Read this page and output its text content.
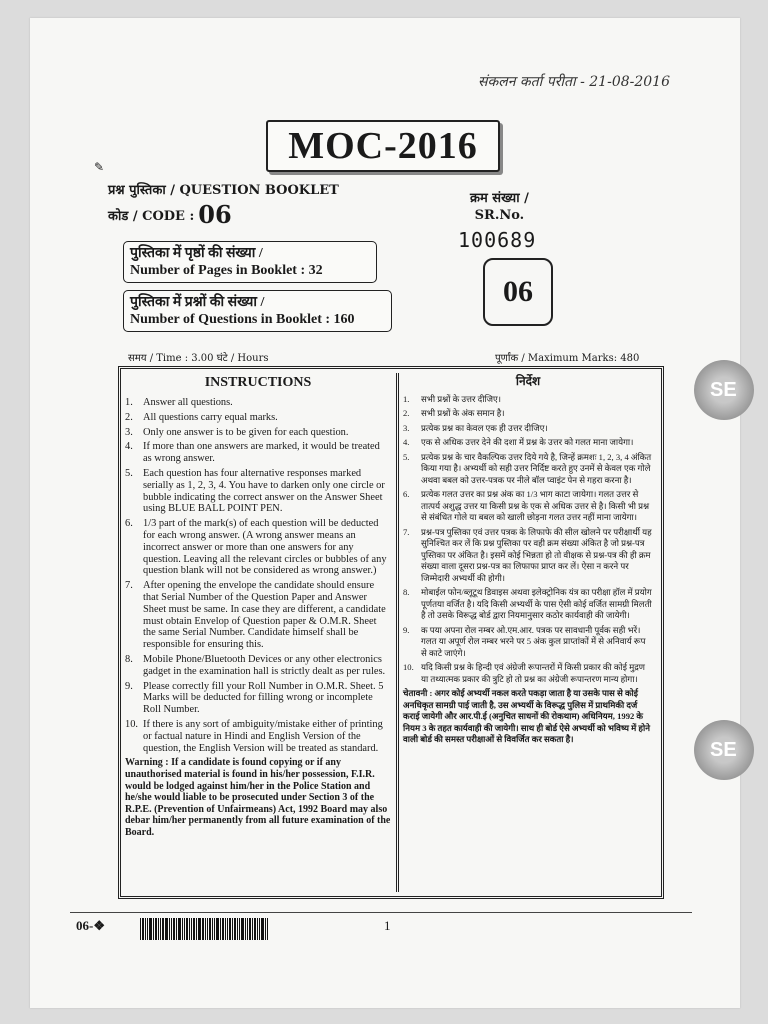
संकलन कर्ता परीता - 21-08-2016
✎	MOC-2016
प्रश्न पुस्तिका / QUESTION BOOKLET
कोड / CODE : 06
क्रम संख्या /
SR.No.
100689
06
पुस्तिका में पृष्ठों की संख्या /
Number of Pages in Booklet : 32
पुस्तिका में प्रश्नों की संख्या /
Number of Questions in Booklet : 160
समय / Time : 3.00 घंटे / Hours	पूर्णांक / Maximum Marks: 480
INSTRUCTIONS
1. Answer all questions.
2. All questions carry equal marks.
3. Only one answer is to be given for each question.
4. If more than one answers are marked, it would be treated as wrong answer.
5. Each question has four alternative responses marked serially as 1, 2, 3, 4. You have to darken only one circle or bubble indicating the correct answer on the Answer Sheet using BLUE BALL POINT PEN.
6. 1/3 part of the mark(s) of each question will be deducted for each wrong answer. (A wrong answer means an incorrect answer or more than one answers for any question. Leaving all the relevant circles or bubbles of any question blank will not be considered as wrong answer.)
7. After opening the envelope the candidate should ensure that Serial Number of the Question Paper and Answer Sheet must be same. In case they are different, a candidate must obtain Envelop of Question paper & O.M.R. Sheet the same Serial Number. Candidate himself shall be responsible for ensuring this.
8. Mobile Phone/Bluetooth Devices or any other electronics gadget in the examination hall is strictly dealt as per rules.
9. Please correctly fill your Roll Number in O.M.R. Sheet. 5 Marks will be deducted for filling wrong or incomplete Roll Number.
10. If there is any sort of ambiguity/mistake either of printing or factual nature in Hindi and English Version of the question, the English Version will be treated as standard.
Warning : If a candidate is found copying or if any unauthorised material is found in his/her possession, F.I.R. would be lodged against him/her in the Police Station and he/she would liable to be prosecuted under Section 3 of the R.P.E. (Prevention of Unfairmeans) Act, 1992 Board may also debar him/her permanently from all future examination of the Board.
निर्देश
1.	सभी प्रश्नों के उत्तर दीजिए।
2.	सभी प्रश्नों के अंक समान है।
3.	प्रत्येक प्रश्न का केवल एक ही उत्तर दीजिए।
4.	एक से अधिक उत्तर देने की दशा में प्रश्न के उत्तर को गलत माना जायेगा।
5.	प्रत्येक प्रश्न के चार वैकल्पिक उत्तर दिये गये है, जिन्हें क्रमशः 1, 2, 3, 4 अंकित किया गया है। अभ्यर्थी को सही उत्तर निर्दिष्ट करते हुए उनमें से केवल एक गोले अथवा बबल को उत्तर-पत्रक पर नीले बॉल प्वाइंट पेन से गहरा करना है।
6.	प्रत्येक गलत उत्तर का प्रश्न अंक का 1/3 भाग काटा जायेगा। गलत उत्तर से तात्पर्य अशुद्ध उत्तर या किसी प्रश्न के एक से अधिक उत्तर से है। किसी भी प्रश्न से संबंधित गोले या बबल को खाली छोड़ना गलत उत्तर नहीं माना जायेगा।
7.	प्रश्न-पत्र पुस्तिका एवं उत्तर पत्रक के लिफाफे की सील खोलने पर परीक्षार्थी यह सुनिश्चित कर लें कि प्रश्न पुस्तिका पर वही क्रम संख्या अंकित है जो प्रश्न-पत्र पुस्तिका पर अंकित है। इसमें कोई भिन्नता हो तो वीक्षक से प्रश्न-पत्र की ही क्रम संख्या वाला दूसरा प्रश्न-पत्र का लिफाफा प्राप्त कर लें। ऐसा न करने पर जिम्मेदारी अभ्यर्थी की होगी।
8.	मोबाईल फोन/ब्लूटूथ डिवाइस अथवा इलेक्ट्रोनिक यंत्र का परीक्षा हॉल में प्रयोग पूर्णतया वर्जित है। यदि किसी अभ्यर्थी के पास ऐसी कोई वर्जित सामग्री मिलती है तो उसके विरूद्ध बोर्ड द्वारा नियमानुसार कठोर कार्यवाही की जायेगी।
9.	क पया अपना रोल नम्बर ओ.एम.आर. पत्रक पर सावधानी पूर्वक सही भरें। गलत या अपूर्ण रोल नम्बर भरने पर 5 अंक कुल प्राप्तांकों में से अनिवार्य रूप से काटे जाएंगे।
10. यदि किसी प्रश्न के हिन्दी एवं अंग्रेजी रूपान्तरों में किसी प्रकार की कोई मुद्रण या तथ्यात्मक प्रकार की त्रुटि हो तो प्रश्न का अंग्रेजी रूपान्तरण मान्य होगा।
चेतावनी : अगर कोई अभ्यर्थी नकल करते पकड़ा जाता है या उसके पास से कोई अनधिकृत सामग्री पाई जाती है, उस अभ्यर्थी के विरूद्ध पुलिस में प्राथमिकी दर्ज कराई जायेगी और आर.पी.ई (अनुचित साधनों की रोकथाम) अधिनियम, 1992 के नियम 3 के तहत कार्यवाही की जायेगी। साथ ही बोर्ड ऐसे अभ्यर्थी को भविष्य में होने वाली बोर्ड की समस्त परीक्षाओं से विवर्जित कर सकता है।
SE
SE
06-❖	1
